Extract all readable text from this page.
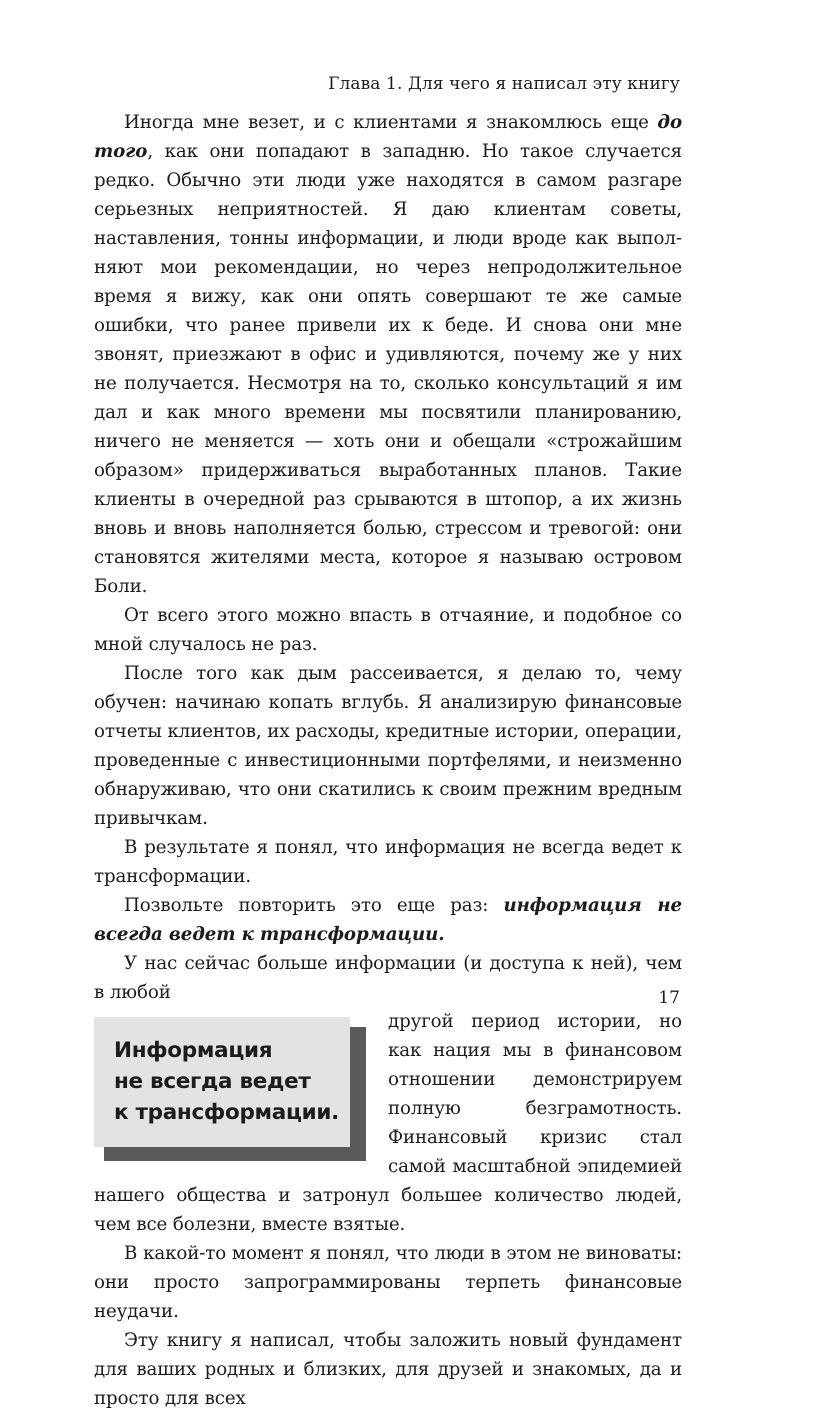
Глава 1. Для чего я написал эту книгу

Иногда мне везет, и с клиентами я знакомлюсь еще до того, как они попадают в западню. Но такое случается редко. Обычно эти люди уже находятся в самом разгаре серьезных неприятностей. Я даю клиентам советы, наставления, тонны информации, и люди вроде как выполняют мои рекомендации, но через непродолжительное время я вижу, как они опять совершают те же самые ошибки, что ранее привели их к беде. И снова они мне звонят, приезжают в офис и удивляются, почему же у них не получается. Несмотря на то, сколько консультаций я им дал и как много времени мы посвятили планированию, ничего не меняется — хоть они и обещали «строжайшим образом» придерживаться выработанных планов. Такие клиенты в очередной раз срываются в штопор, а их жизнь вновь и вновь наполняется болью, стрессом и тревогой: они становятся жителями места, которое я называю островом Боли.

От всего этого можно впасть в отчаяние, и подобное со мной случалось не раз.

После того как дым рассеивается, я делаю то, чему обучен: начинаю копать вглубь. Я анализирую финансовые отчеты клиентов, их расходы, кредитные истории, операции, проведенные с инвестиционными портфелями, и неизменно обнаруживаю, что они скатились к своим прежним вредным привычкам.

В результате я понял, что информация не всегда ведет к трансформации.

Позвольте повторить это еще раз: информация не всегда ведет к трансформации.

У нас сейчас больше информации (и доступа к ней), чем в любой

Информация
не всегда ведет
к трансформации.

другой период истории, но как нация мы в финансовом отношении демонстрируем полную безграмотность. Финансовый кризис стал самой масштабной эпидемией нашего общества и затронул большее количество людей, чем все болезни, вместе взятые.

В какой-то момент я понял, что люди в этом не виноваты: они просто запрограммированы терпеть финансовые неудачи.

Эту книгу я написал, чтобы заложить новый фундамент для ваших родных и близких, для друзей и знакомых, да и просто для всех

17
